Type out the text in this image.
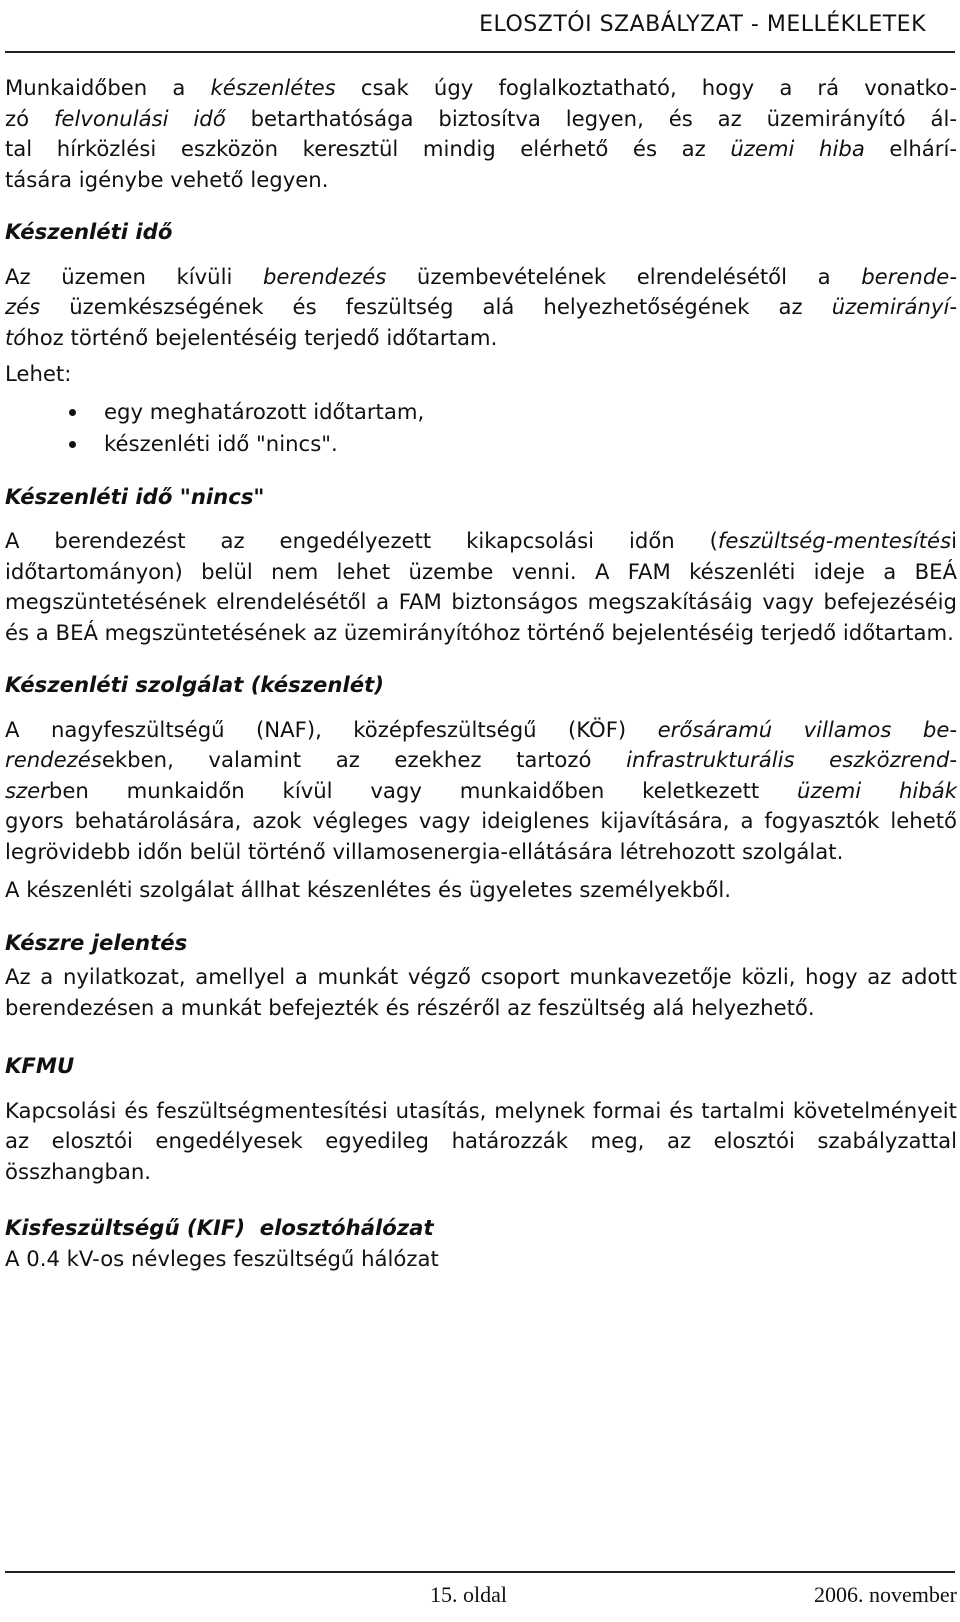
ELOSZTÓI SZABÁLYZAT - MELLÉKLETEK

Munkaidőben a készenlétes csak úgy foglalkoztatható, hogy a rá vonatko-

zó felvonulási idő betarthatósága biztosítva legyen, és az üzemirányító ál-

tal hírközlési eszközön keresztül mindig elérhető és az üzemi hiba elhárí-

tására igénybe vehető legyen.

Készenléti idő

Az üzemen kívüli berendezés üzembevételének elrendelésétől a berende-

zés üzemkészségének és feszültség alá helyezhetőségének az üzemirányí-

tóhoz történő bejelentéséig terjedő időtartam.

Lehet:

egy meghatározott időtartam,
készenléti idő "nincs".

Készenléti idő "nincs"

A berendezést az engedélyezett kikapcsolási időn (feszültség-mentesítési

időtartományon) belül nem lehet üzembe venni. A FAM készenléti ideje a BEÁ megszüntetésének elrendelésétől a FAM biztonságos megszakításáig vagy befejezéséig és a BEÁ megszüntetésének az üzemirányítóhoz történő bejelentéséig terjedő időtartam.

Készenléti szolgálat (készenlét)

A nagyfeszültségű (NAF), középfeszültségű (KÖF) erősáramú villamos be-

rendezésekben, valamint az ezekhez tartozó infrastrukturális eszközrend-

szerben munkaidőn kívül vagy munkaidőben keletkezett üzemi hibák

gyors behatárolására, azok végleges vagy ideiglenes kijavítására, a fogyasztók lehető legrövidebb időn belül történő villamosenergia-ellátására létrehozott szolgálat.

A készenléti szolgálat állhat készenlétes és ügyeletes személyekből.

Készre jelentés

Az a nyilatkozat, amellyel a munkát végző csoport munkavezetője közli, hogy az adott berendezésen a munkát befejezték és részéről az feszültség alá helyezhető.

KFMU

Kapcsolási és feszültségmentesítési utasítás, melynek formai és tartalmi követelményeit az elosztói engedélyesek egyedileg határozzák meg, az elosztói szabályzattal összhangban.

Kisfeszültségű (KIF)  elosztóhálózat

A 0.4 kV-os névleges feszültségű hálózat

15. oldal	2006. november
